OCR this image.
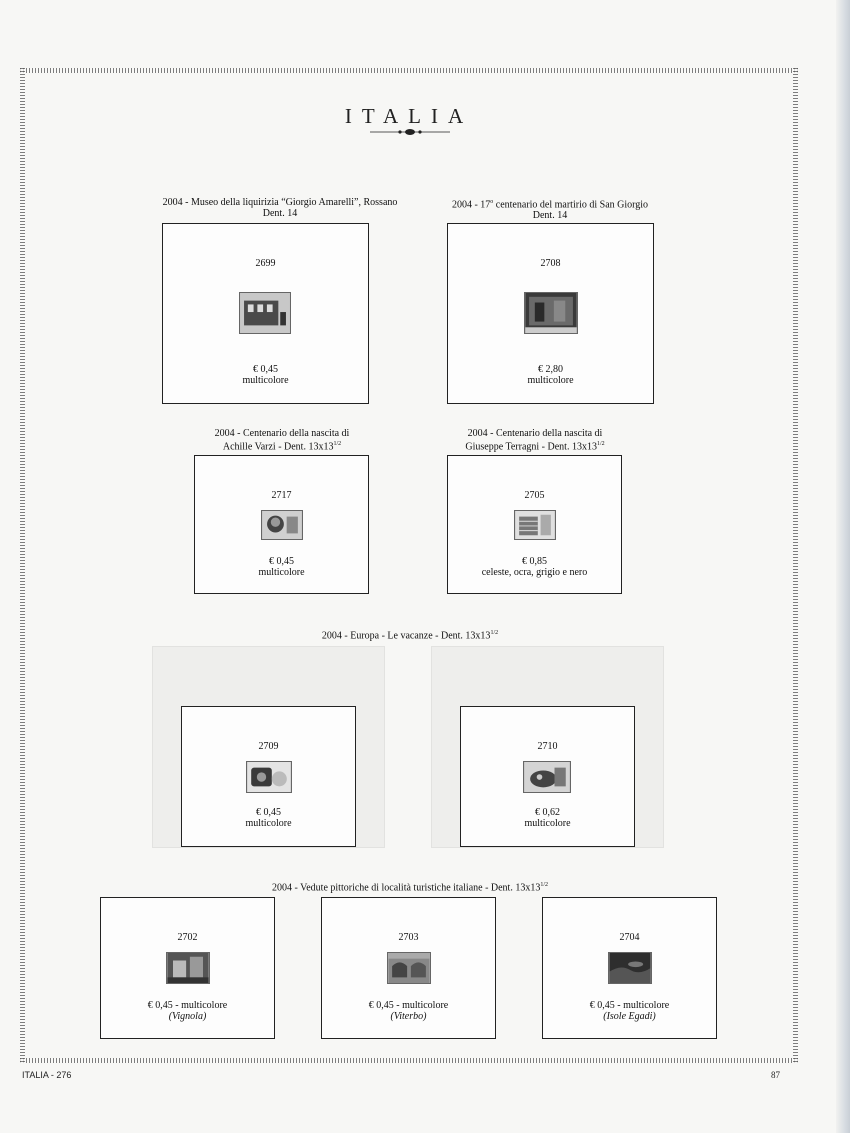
ITALIA
2004 - Museo della liquirizia “Giorgio Amarelli”, Rossano
Dent. 14
2004 - 17$^o$ centenario del martirio di San Giorgio
Dent. 14
2699
€ 0,45
multicolore
2708
€ 2,80
multicolore
2004 - Centenario della nascita di
Achille Varzi - Dent. $13x13^{1/2}$
2004 - Centenario della nascita di
Giuseppe Terragni - Dent. $13x13^{1/2}$
2717
€ 0,45
multicolore
2705
€ 0,85
celeste, ocra, grigio e nero
2004 - Europa - Le vacanze - Dent. $13x13^{1/2}$
2709
€ 0,45
multicolore
2710
€ 0,62
multicolore
2004 - Vedute pittoriche di località turistiche italiane - Dent. $13x13^{1/2}$
2702
€ 0,45 - multicolore
(Vignola)
2703
€ 0,45 - multicolore
(Viterbo)
2704
€ 0,45 - multicolore
(Isole Egadi)
ITALIA - 276	87
